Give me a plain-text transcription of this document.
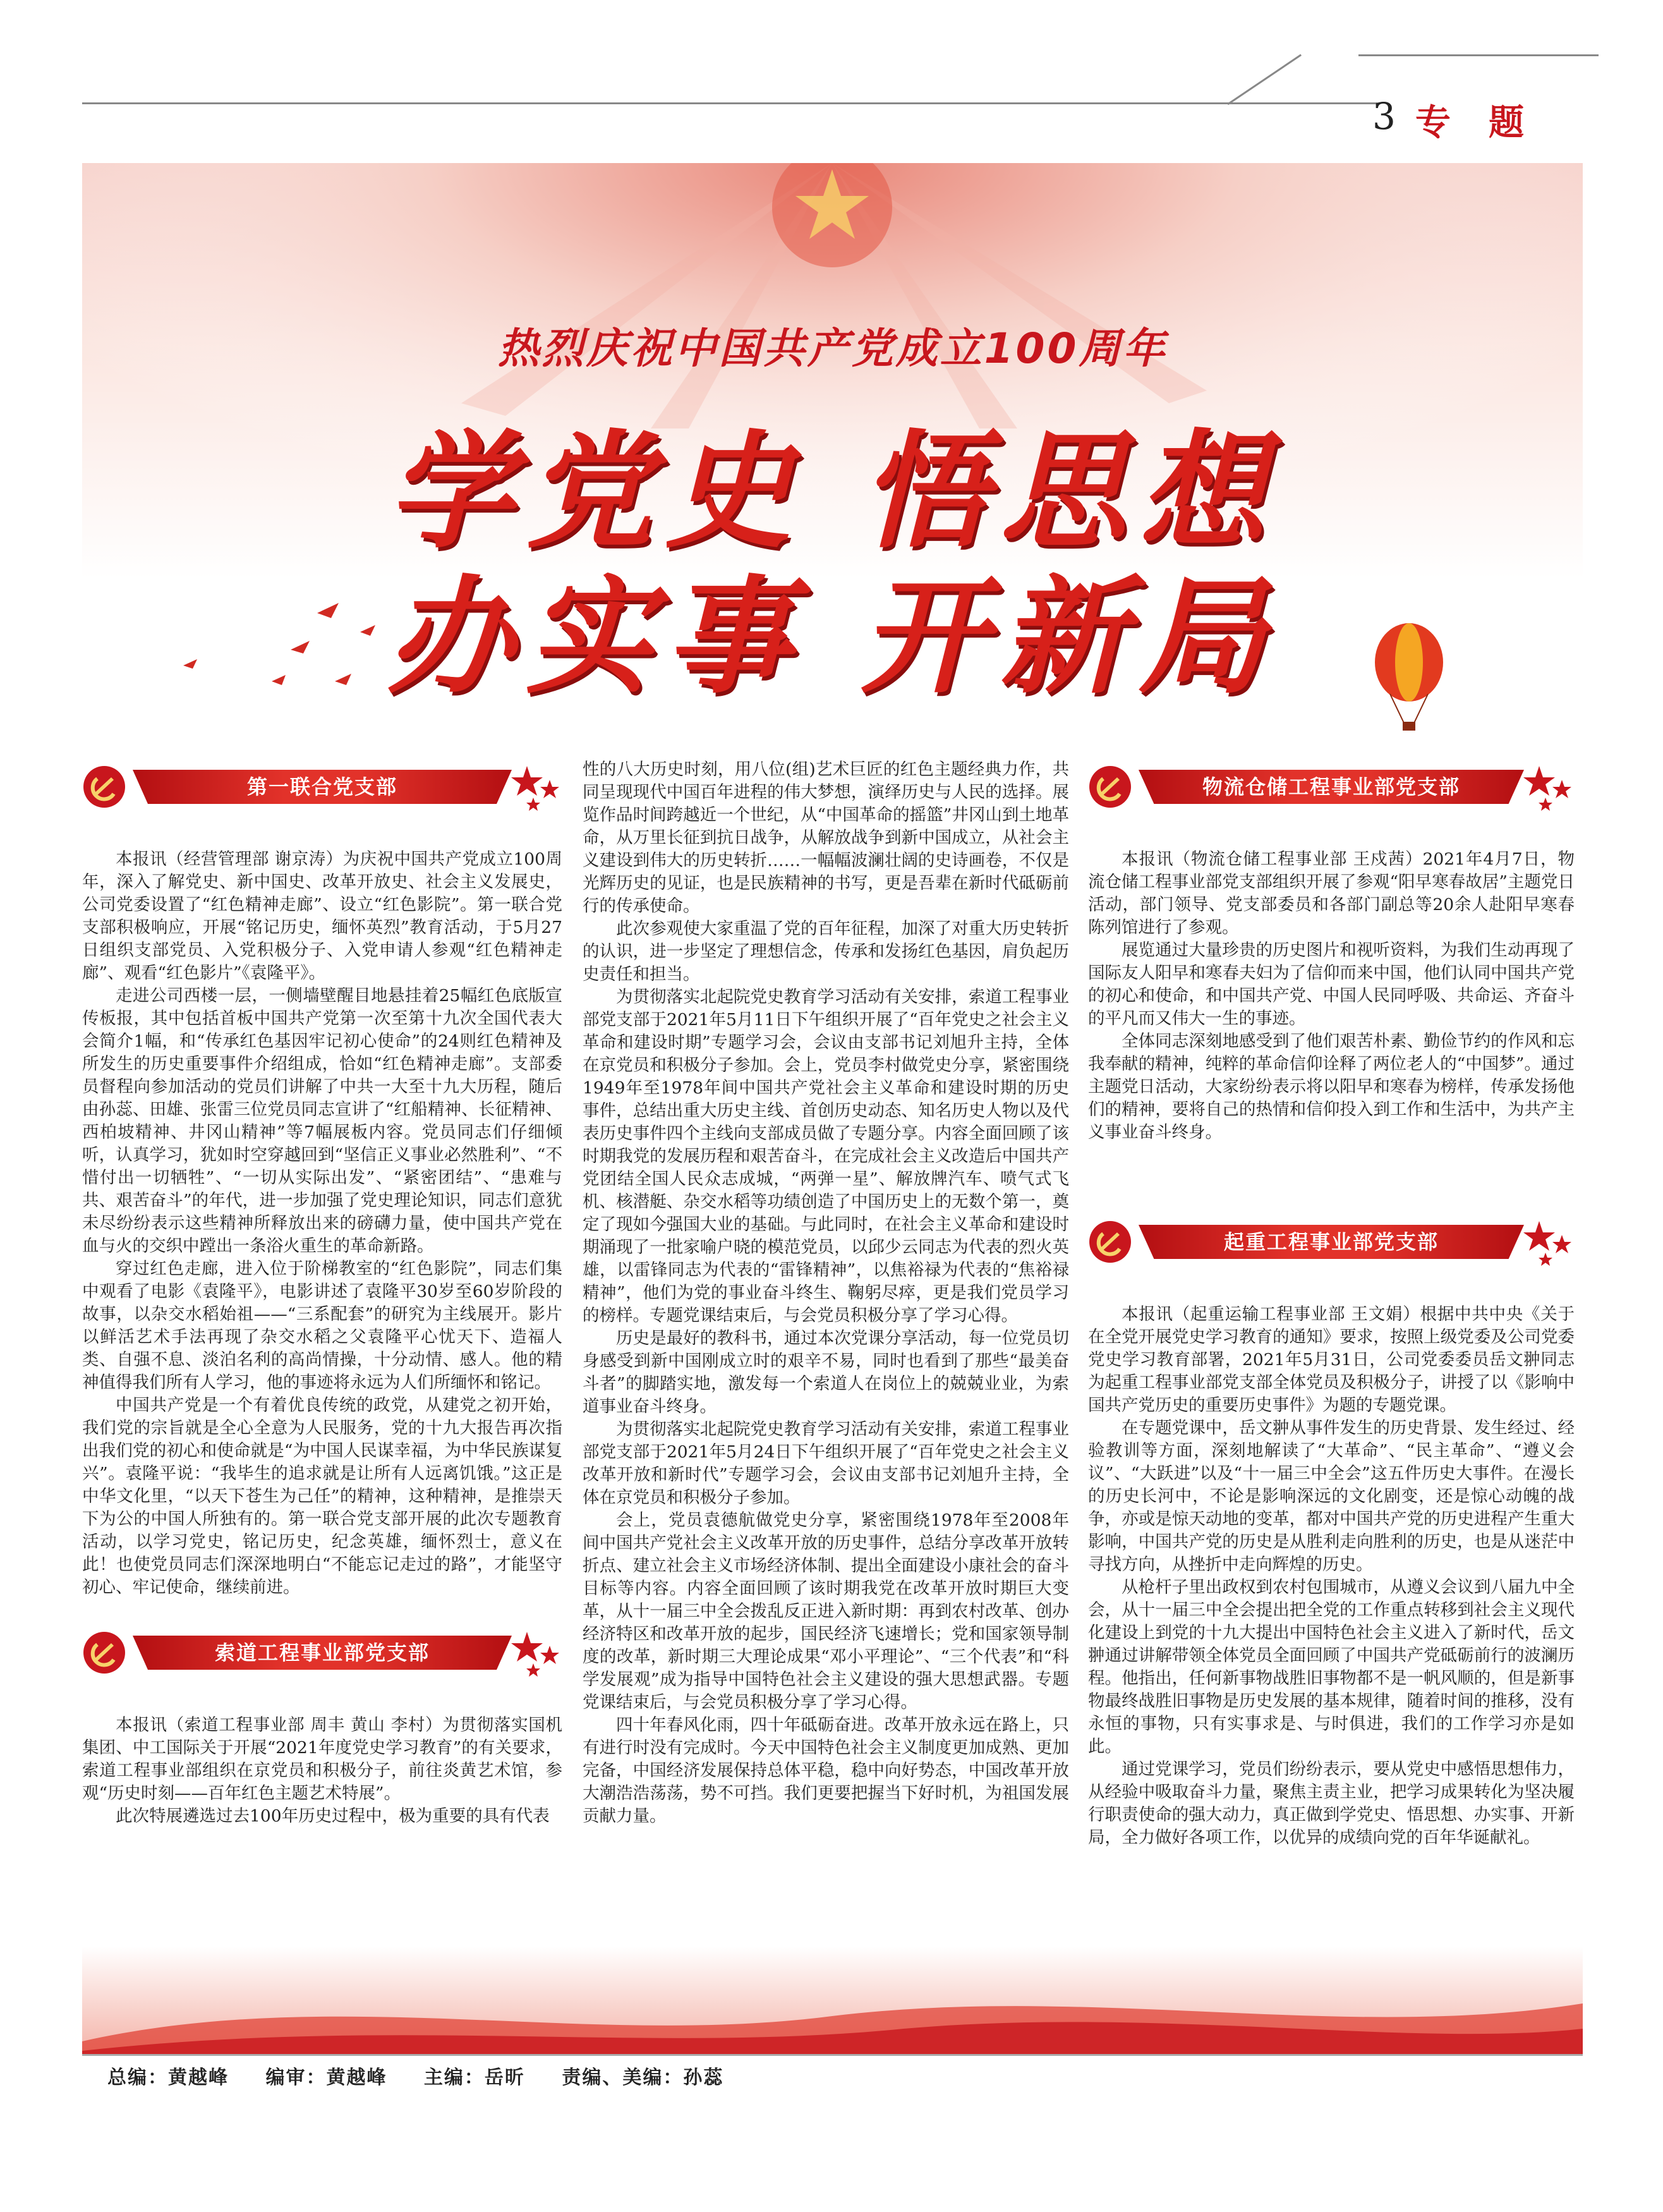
3 专题
热烈庆祝中国共产党成立100周年
学党史 悟思想
办实事 开新局
第一联合党支部

本报讯（经营管理部 谢京涛）为庆祝中国共产党成立100周年，深入了解党史、新中国史、改革开放史、社会主义发展史，公司党委设置了“红色精神走廊”、设立“红色影院”。第一联合党支部积极响应，开展“铭记历史，缅怀英烈”教育活动，于5月27日组织支部党员、入党积极分子、入党申请人参观“红色精神走廊”、观看“红色影片”《袁隆平》。

走进公司西楼一层，一侧墙壁醒目地悬挂着25幅红色底版宣传板报，其中包括首板中国共产党第一次至第十九次全国代表大会简介1幅，和“传承红色基因牢记初心使命”的24则红色精神及所发生的历史重要事件介绍组成，恰如“红色精神走廊”。支部委员督程向参加活动的党员们讲解了中共一大至十九大历程，随后由孙蕊、田雄、张雷三位党员同志宣讲了“红船精神、长征精神、西柏坡精神、井冈山精神”等7幅展板内容。党员同志们仔细倾听，认真学习，犹如时空穿越回到“坚信正义事业必然胜利”、“不惜付出一切牺牲”、“一切从实际出发”、“紧密团结”、“患难与共、艰苦奋斗”的年代，进一步加强了党史理论知识，同志们意犹未尽纷纷表示这些精神所释放出来的磅礴力量，使中国共产党在血与火的交织中蹚出一条浴火重生的革命新路。

穿过红色走廊，进入位于阶梯教室的“红色影院”，同志们集中观看了电影《袁隆平》，电影讲述了袁隆平30岁至60岁阶段的故事，以杂交水稻始祖——“三系配套”的研究为主线展开。影片以鲜活艺术手法再现了杂交水稻之父袁隆平心忧天下、造福人类、自强不息、淡泊名利的高尚情操，十分动情、感人。他的精神值得我们所有人学习，他的事迹将永远为人们所缅怀和铭记。

中国共产党是一个有着优良传统的政党，从建党之初开始，我们党的宗旨就是全心全意为人民服务，党的十九大报告再次指出我们党的初心和使命就是“为中国人民谋幸福，为中华民族谋复兴”。袁隆平说：“我毕生的追求就是让所有人远离饥饿。”这正是中华文化里，“以天下苍生为己任”的精神，这种精神，是推崇天下为公的中国人所独有的。第一联合党支部开展的此次专题教育活动，以学习党史，铭记历史，纪念英雄，缅怀烈士，意义在此！也使党员同志们深深地明白“不能忘记走过的路”，才能坚守初心、牢记使命，继续前进。

索道工程事业部党支部

本报讯（索道工程事业部 周丰 黄山 李村）为贯彻落实国机集团、中工国际关于开展“2021年度党史学习教育”的有关要求，索道工程事业部组织在京党员和积极分子，前往炎黄艺术馆，参观“历史时刻——百年红色主题艺术特展”。

此次特展遴选过去100年历史过程中，极为重要的具有代表

性的八大历史时刻，用八位(组)艺术巨匠的红色主题经典力作，共同呈现现代中国百年进程的伟大梦想，演绎历史与人民的选择。展览作品时间跨越近一个世纪，从“中国革命的摇篮”井冈山到土地革命，从万里长征到抗日战争，从解放战争到新中国成立，从社会主义建设到伟大的历史转折……一幅幅波澜壮阔的史诗画卷，不仅是光辉历史的见证，也是民族精神的书写，更是吾辈在新时代砥砺前行的传承使命。

此次参观使大家重温了党的百年征程，加深了对重大历史转折的认识，进一步坚定了理想信念，传承和发扬红色基因，肩负起历史责任和担当。

为贯彻落实北起院党史教育学习活动有关安排，索道工程事业部党支部于2021年5月11日下午组织开展了“百年党史之社会主义革命和建设时期”专题学习会，会议由支部书记刘旭升主持，全体在京党员和积极分子参加。会上，党员李村做党史分享，紧密围绕1949年至1978年间中国共产党社会主义革命和建设时期的历史事件，总结出重大历史主线、首创历史动态、知名历史人物以及代表历史事件四个主线向支部成员做了专题分享。内容全面回顾了该时期我党的发展历程和艰苦奋斗，在完成社会主义改造后中国共产党团结全国人民众志成城，“两弹一星”、解放牌汽车、喷气式飞机、核潜艇、杂交水稻等功绩创造了中国历史上的无数个第一，奠定了现如今强国大业的基础。与此同时，在社会主义革命和建设时期涌现了一批家喻户晓的模范党员，以邱少云同志为代表的烈火英雄，以雷锋同志为代表的“雷锋精神”，以焦裕禄为代表的“焦裕禄精神”，他们为党的事业奋斗终生、鞠躬尽瘁，更是我们党员学习的榜样。专题党课结束后，与会党员积极分享了学习心得。

历史是最好的教科书，通过本次党课分享活动，每一位党员切身感受到新中国刚成立时的艰辛不易，同时也看到了那些“最美奋斗者”的脚踏实地，激发每一个索道人在岗位上的兢兢业业，为索道事业奋斗终身。

为贯彻落实北起院党史教育学习活动有关安排，索道工程事业部党支部于2021年5月24日下午组织开展了“百年党史之社会主义改革开放和新时代”专题学习会，会议由支部书记刘旭升主持，全体在京党员和积极分子参加。

会上，党员袁德航做党史分享，紧密围绕1978年至2008年间中国共产党社会主义改革开放的历史事件，总结分享改革开放转折点、建立社会主义市场经济体制、提出全面建设小康社会的奋斗目标等内容。内容全面回顾了该时期我党在改革开放时期巨大变革，从十一届三中全会拨乱反正进入新时期：再到农村改革、创办经济特区和改革开放的起步，国民经济飞速增长；党和国家领导制度的改革，新时期三大理论成果“邓小平理论”、“三个代表”和“科学发展观”成为指导中国特色社会主义建设的强大思想武器。专题党课结束后，与会党员积极分享了学习心得。

四十年春风化雨，四十年砥砺奋进。改革开放永远在路上，只有进行时没有完成时。今天中国特色社会主义制度更加成熟、更加完备，中国经济发展保持总体平稳，稳中向好势态，中国改革开放大潮浩浩荡荡，势不可挡。我们更要把握当下好时机，为祖国发展贡献力量。

物流仓储工程事业部党支部

本报讯（物流仓储工程事业部 王戍茜）2021年4月7日，物流仓储工程事业部党支部组织开展了参观“阳早寒春故居”主题党日活动，部门领导、党支部委员和各部门副总等20余人赴阳早寒春陈列馆进行了参观。

展览通过大量珍贵的历史图片和视听资料，为我们生动再现了国际友人阳早和寒春夫妇为了信仰而来中国，他们认同中国共产党的初心和使命，和中国共产党、中国人民同呼吸、共命运、齐奋斗的平凡而又伟大一生的事迹。

全体同志深刻地感受到了他们艰苦朴素、勤俭节约的作风和忘我奉献的精神，纯粹的革命信仰诠释了两位老人的“中国梦”。通过主题党日活动，大家纷纷表示将以阳早和寒春为榜样，传承发扬他们的精神，要将自己的热情和信仰投入到工作和生活中，为共产主义事业奋斗终身。

起重工程事业部党支部

本报讯（起重运输工程事业部 王文娟）根据中共中央《关于在全党开展党史学习教育的通知》要求，按照上级党委及公司党委党史学习教育部署，2021年5月31日，公司党委委员岳文翀同志为起重工程事业部党支部全体党员及积极分子，讲授了以《影响中国共产党历史的重要历史事件》为题的专题党课。

在专题党课中，岳文翀从事件发生的历史背景、发生经过、经验教训等方面，深刻地解读了“大革命”、“民主革命”、“遵义会议”、“大跃进”以及“十一届三中全会”这五件历史大事件。在漫长的历史长河中，不论是影响深远的文化剧变，还是惊心动魄的战争，亦或是惊天动地的变革，都对中国共产党的历史进程产生重大影响，中国共产党的历史是从胜利走向胜利的历史，也是从迷茫中寻找方向，从挫折中走向辉煌的历史。

从枪杆子里出政权到农村包围城市，从遵义会议到八届九中全会，从十一届三中全会提出把全党的工作重点转移到社会主义现代化建设上到党的十九大提出中国特色社会主义进入了新时代，岳文翀通过讲解带领全体党员全面回顾了中国共产党砥砺前行的波澜历程。他指出，任何新事物战胜旧事物都不是一帆风顺的，但是新事物最终战胜旧事物是历史发展的基本规律，随着时间的推移，没有永恒的事物，只有实事求是、与时俱进，我们的工作学习亦是如此。

通过党课学习，党员们纷纷表示，要从党史中感悟思想伟力，从经验中吸取奋斗力量，聚焦主责主业，把学习成果转化为坚决履行职责使命的强大动力，真正做到学党史、悟思想、办实事、开新局，全力做好各项工作，以优异的成绩向党的百年华诞献礼。

总编：黄越峰 编审：黄越峰 主编：岳昕 责编、美编：孙蕊
